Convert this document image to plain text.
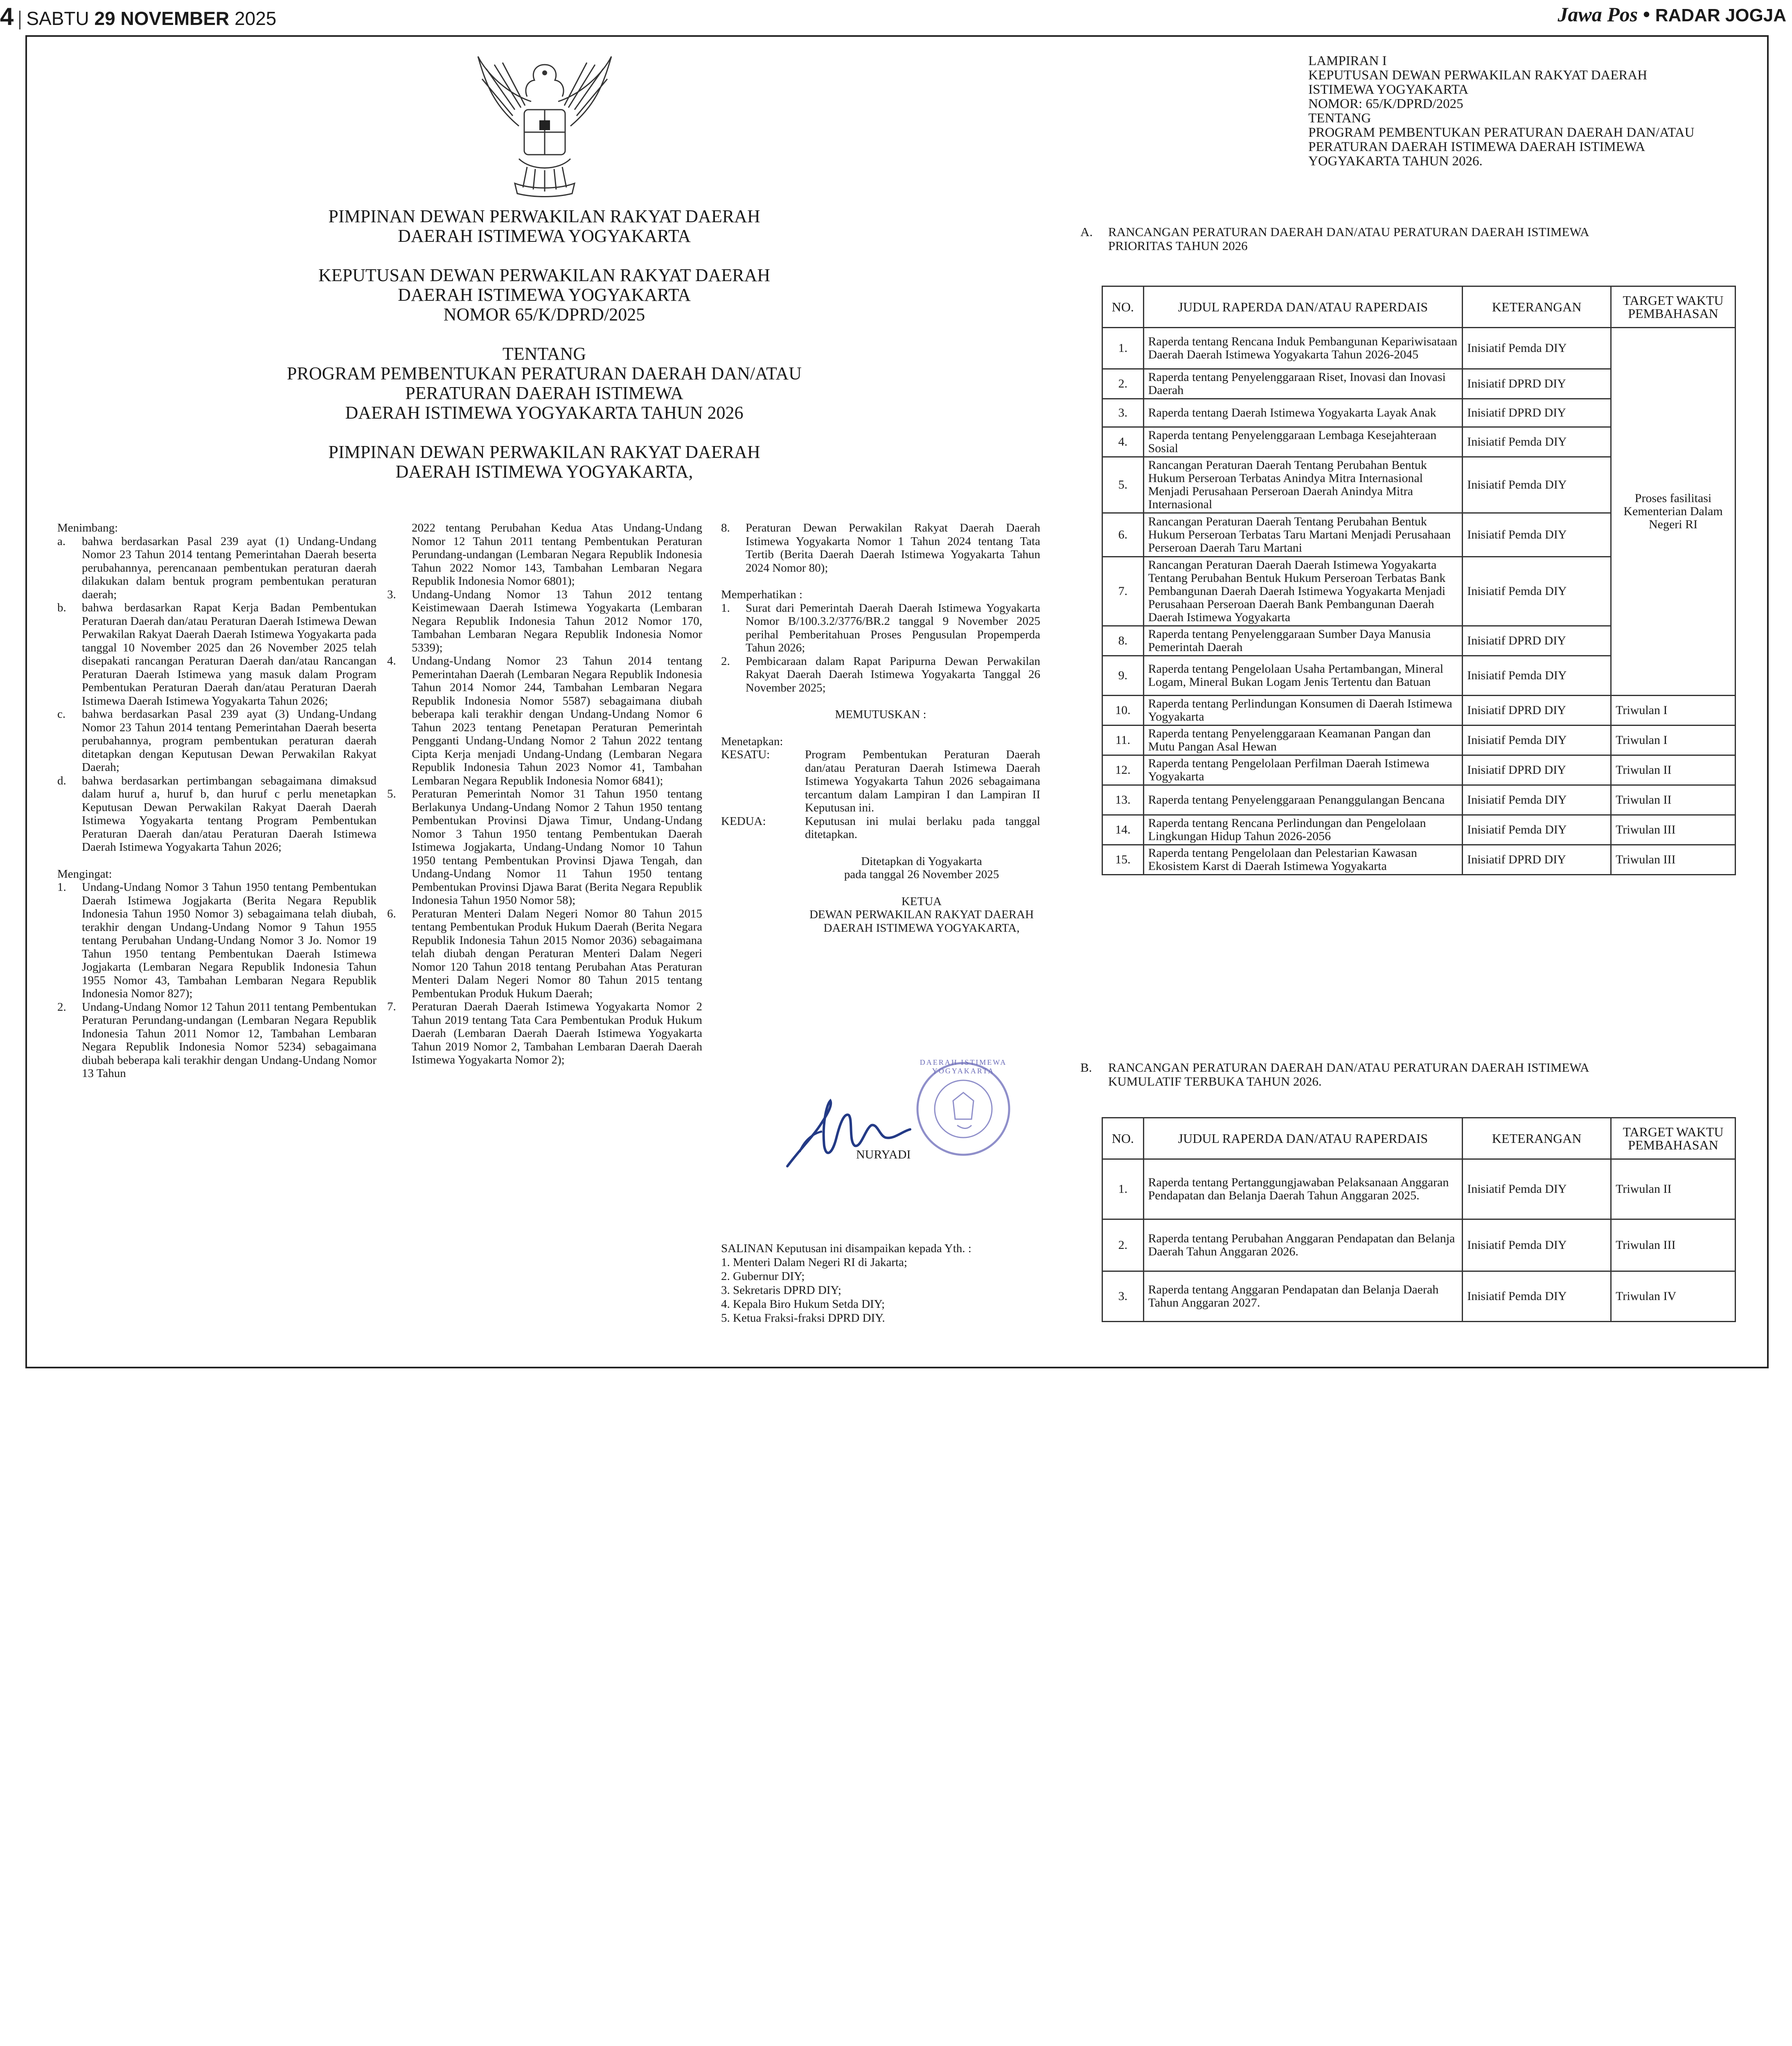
4 SABTU 29 NOVEMBER 2025	Jawa Pos • RADAR JOGJA
PIMPINAN DEWAN PERWAKILAN RAKYAT DAERAH
DAERAH ISTIMEWA YOGYAKARTA
KEPUTUSAN DEWAN PERWAKILAN RAKYAT DAERAH
DAERAH ISTIMEWA YOGYAKARTA
NOMOR 65/K/DPRD/2025
TENTANG
PROGRAM PEMBENTUKAN PERATURAN DAERAH DAN/ATAU
PERATURAN DAERAH ISTIMEWA
DAERAH ISTIMEWA YOGYAKARTA TAHUN 2026
PIMPINAN DEWAN PERWAKILAN RAKYAT DAERAH
DAERAH ISTIMEWA YOGYAKARTA,

Menimbang:

a. bahwa berdasarkan Pasal 239 ayat (1) Undang-Undang Nomor 23 Tahun 2014 tentang Pemerintahan Daerah beserta perubahannya, perencanaan pembentukan peraturan daerah dilakukan dalam bentuk program pembentukan peraturan daerah;
b. bahwa berdasarkan Rapat Kerja Badan Pembentukan Peraturan Daerah dan/atau Peraturan Daerah Istimewa Dewan Perwakilan Rakyat Daerah Daerah Istimewa Yogyakarta pada tanggal 10 November 2025 dan 26 November 2025 telah disepakati rancangan Peraturan Daerah dan/atau Rancangan Peraturan Daerah Istimewa yang masuk dalam Program Pembentukan Peraturan Daerah dan/atau Peraturan Daerah Istimewa Daerah Istimewa Yogyakarta Tahun 2026;
c. bahwa berdasarkan Pasal 239 ayat (3) Undang-Undang Nomor 23 Tahun 2014 tentang Pemerintahan Daerah beserta perubahannya, program pembentukan peraturan daerah ditetapkan dengan Keputusan Dewan Perwakilan Rakyat Daerah;
d. bahwa berdasarkan pertimbangan sebagaimana dimaksud dalam huruf a, huruf b, dan huruf c perlu menetapkan Keputusan Dewan Perwakilan Rakyat Daerah Daerah Istimewa Yogyakarta tentang Program Pembentukan Peraturan Daerah dan/atau Peraturan Daerah Istimewa Daerah Istimewa Yogyakarta Tahun 2026;

Mengingat:

1. Undang-Undang Nomor 3 Tahun 1950 tentang Pembentukan Daerah Istimewa Jogjakarta (Berita Negara Republik Indonesia Tahun 1950 Nomor 3) sebagaimana telah diubah, terakhir dengan Undang-Undang Nomor 9 Tahun 1955 tentang Perubahan Undang-Undang Nomor 3 Jo. Nomor 19 Tahun 1950 tentang Pembentukan Daerah Istimewa Jogjakarta (Lembaran Negara Republik Indonesia Tahun 1955 Nomor 43, Tambahan Lembaran Negara Republik Indonesia Nomor 827);
2. Undang-Undang Nomor 12 Tahun 2011 tentang Pembentukan Peraturan Perundang-undangan (Lembaran Negara Republik Indonesia Tahun 2011 Nomor 12, Tambahan Lembaran Negara Republik Indonesia Nomor 5234) sebagaimana diubah beberapa kali terakhir dengan Undang-Undang Nomor 13 Tahun
2022 tentang Perubahan Kedua Atas Undang-Undang Nomor 12 Tahun 2011 tentang Pembentukan Peraturan Perundang-undangan (Lembaran Negara Republik Indonesia Tahun 2022 Nomor 143, Tambahan Lembaran Negara Republik Indonesia Nomor 6801);
3. Undang-Undang Nomor 13 Tahun 2012 tentang Keistimewaan Daerah Istimewa Yogyakarta (Lembaran Negara Republik Indonesia Tahun 2012 Nomor 170, Tambahan Lembaran Negara Republik Indonesia Nomor 5339);
4. Undang-Undang Nomor 23 Tahun 2014 tentang Pemerintahan Daerah (Lembaran Negara Republik Indonesia Tahun 2014 Nomor 244, Tambahan Lembaran Negara Republik Indonesia Nomor 5587) sebagaimana diubah beberapa kali terakhir dengan Undang-Undang Nomor 6 Tahun 2023 tentang Penetapan Peraturan Pemerintah Pengganti Undang-Undang Nomor 2 Tahun 2022 tentang Cipta Kerja menjadi Undang-Undang (Lembaran Negara Republik Indonesia Tahun 2023 Nomor 41, Tambahan Lembaran Negara Republik Indonesia Nomor 6841);
5. Peraturan Pemerintah Nomor 31 Tahun 1950 tentang Berlakunya Undang-Undang Nomor 2 Tahun 1950 tentang Pembentukan Provinsi Djawa Timur, Undang-Undang Nomor 3 Tahun 1950 tentang Pembentukan Daerah Istimewa Jogjakarta, Undang-Undang Nomor 10 Tahun 1950 tentang Pembentukan Provinsi Djawa Tengah, dan Undang-Undang Nomor 11 Tahun 1950 tentang Pembentukan Provinsi Djawa Barat (Berita Negara Republik Indonesia Tahun 1950 Nomor 58);
6. Peraturan Menteri Dalam Negeri Nomor 80 Tahun 2015 tentang Pembentukan Produk Hukum Daerah (Berita Negara Republik Indonesia Tahun 2015 Nomor 2036) sebagaimana telah diubah dengan Peraturan Menteri Dalam Negeri Nomor 120 Tahun 2018 tentang Perubahan Atas Peraturan Menteri Dalam Negeri Nomor 80 Tahun 2015 tentang Pembentukan Produk Hukum Daerah;
7. Peraturan Daerah Daerah Istimewa Yogyakarta Nomor 2 Tahun 2019 tentang Tata Cara Pembentukan Produk Hukum Daerah (Lembaran Daerah Daerah Istimewa Yogyakarta Tahun 2019 Nomor 2, Tambahan Lembaran Daerah Daerah Istimewa Yogyakarta Nomor 2);
8. Peraturan Dewan Perwakilan Rakyat Daerah Daerah Istimewa Yogyakarta Nomor 1 Tahun 2024 tentang Tata Tertib (Berita Daerah Daerah Istimewa Yogyakarta Tahun 2024 Nomor 80);

Memperhatikan :

1. Surat dari Pemerintah Daerah Daerah Istimewa Yogyakarta Nomor B/100.3.2/3776/BR.2 tanggal 9 November 2025 perihal Pemberitahuan Proses Pengusulan Propemperda Tahun 2026;
2. Pembicaraan dalam Rapat Paripurna Dewan Perwakilan Rakyat Daerah Daerah Istimewa Yogyakarta Tanggal 26 November 2025;

MEMUTUSKAN :

Menetapkan:

KESATU:	Program Pembentukan Peraturan Daerah dan/atau Peraturan Daerah Istimewa Daerah Istimewa Yogyakarta Tahun 2026 sebagaimana tercantum dalam Lampiran I dan Lampiran II Keputusan ini.
KEDUA:	Keputusan ini mulai berlaku pada tanggal ditetapkan.

Ditetapkan di Yogyakarta

pada tanggal 26 November 2025

KETUA

DEWAN PERWAKILAN RAKYAT DAERAH

DAERAH ISTIMEWA YOGYAKARTA,

DAERAH ISTIMEWA YOGYAKARTA
NURYADI

SALINAN Keputusan ini disampaikan kepada Yth. :

1. Menteri Dalam Negeri RI di Jakarta;

2. Gubernur DIY;

3. Sekretaris DPRD DIY;

4. Kepala Biro Hukum Setda DIY;

5. Ketua Fraksi-fraksi DPRD DIY.

LAMPIRAN I
KEPUTUSAN DEWAN PERWAKILAN RAKYAT DAERAH
ISTIMEWA YOGYAKARTA
NOMOR: 65/K/DPRD/2025
TENTANG
PROGRAM PEMBENTUKAN PERATURAN DAERAH DAN/ATAU
PERATURAN DAERAH ISTIMEWA DAERAH ISTIMEWA
YOGYAKARTA TAHUN 2026.
A. RANCANGAN PERATURAN DAERAH DAN/ATAU PERATURAN DAERAH ISTIMEWA
PRIORITAS TAHUN 2026
NO.	JUDUL RAPERDA DAN/ATAU RAPERDAIS	KETERANGAN	TARGET WAKTU PEMBAHASAN
1.	Raperda tentang Rencana Induk Pembangunan Kepariwisataan Daerah Daerah Istimewa Yogyakarta Tahun 2026-2045	Inisiatif Pemda DIY	Proses fasilitasi Kementerian Dalam Negeri RI
2.	Raperda tentang Penyelenggaraan Riset, Inovasi dan Inovasi Daerah	Inisiatif DPRD DIY	
3.	Raperda tentang Daerah Istimewa Yogyakarta Layak Anak	Inisiatif DPRD DIY	
4.	Raperda tentang Penyelenggaraan Lembaga Kesejahteraan Sosial	Inisiatif Pemda DIY	
5.	Rancangan Peraturan Daerah Tentang Perubahan Bentuk Hukum Perseroan Terbatas Anindya Mitra Internasional Menjadi Perusahaan Perseroan Daerah Anindya Mitra Internasional	Inisiatif Pemda DIY	
6.	Rancangan Peraturan Daerah Tentang Perubahan Bentuk Hukum Perseroan Terbatas Taru Martani Menjadi Perusahaan Perseroan Daerah Taru Martani	Inisiatif Pemda DIY	
7.	Rancangan Peraturan Daerah Daerah Istimewa Yogyakarta Tentang Perubahan Bentuk Hukum Perseroan Terbatas Bank Pembangunan Daerah Daerah Istimewa Yogyakarta Menjadi Perusahaan Perseroan Daerah Bank Pembangunan Daerah Daerah Istimewa Yogyakarta	Inisiatif Pemda DIY	
8.	Raperda tentang Penyelenggaraan Sumber Daya Manusia Pemerintah Daerah	Inisiatif DPRD DIY	
9.	Raperda tentang Pengelolaan Usaha Pertambangan, Mineral Logam, Mineral Bukan Logam Jenis Tertentu dan Batuan	Inisiatif Pemda DIY	
10.	Raperda tentang Perlindungan Konsumen di Daerah Istimewa Yogyakarta	Inisiatif DPRD DIY	Triwulan I
11.	Raperda tentang Penyelenggaraan Keamanan Pangan dan Mutu Pangan Asal Hewan	Inisiatif Pemda DIY	Triwulan I
12.	Raperda tentang Pengelolaan Perfilman Daerah Istimewa Yogyakarta	Inisiatif DPRD DIY	Triwulan II
13.	Raperda tentang Penyelenggaraan Penanggulangan Bencana	Inisiatif Pemda DIY	Triwulan II
14.	Raperda tentang Rencana Perlindungan dan Pengelolaan Lingkungan Hidup Tahun 2026-2056	Inisiatif Pemda DIY	Triwulan III
15.	Raperda tentang Pengelolaan dan Pelestarian Kawasan Ekosistem Karst di Daerah Istimewa Yogyakarta	Inisiatif DPRD DIY	Triwulan III
B. RANCANGAN PERATURAN DAERAH DAN/ATAU PERATURAN DAERAH ISTIMEWA
KUMULATIF TERBUKA TAHUN 2026.
NO.	JUDUL RAPERDA DAN/ATAU RAPERDAIS	KETERANGAN	TARGET WAKTU PEMBAHASAN
1.	Raperda tentang Pertanggungjawaban Pelaksanaan Anggaran Pendapatan dan Belanja Daerah Tahun Anggaran 2025.	Inisiatif Pemda DIY	Triwulan II
2.	Raperda tentang Perubahan Anggaran Pendapatan dan Belanja Daerah Tahun Anggaran 2026.	Inisiatif Pemda DIY	Triwulan III
3.	Raperda tentang Anggaran Pendapatan dan Belanja Daerah Tahun Anggaran 2027.	Inisiatif Pemda DIY	Triwulan IV
